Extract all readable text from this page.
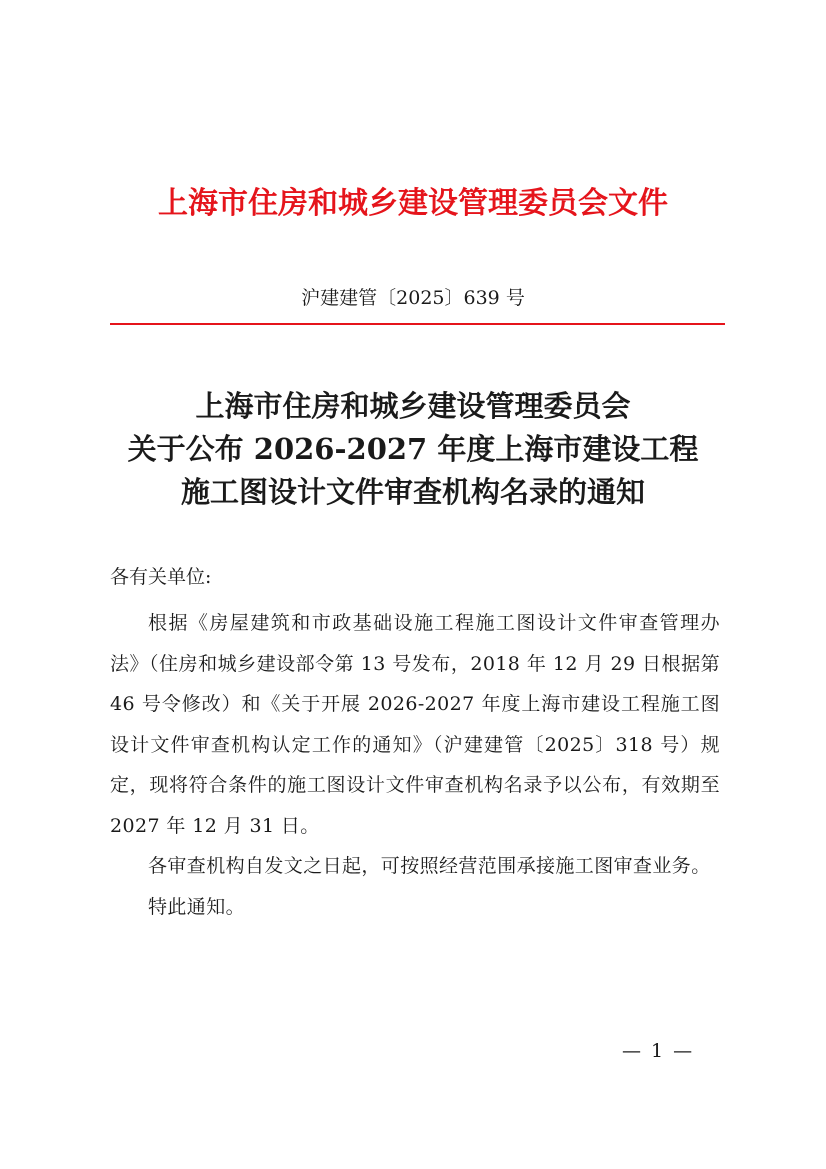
上海市住房和城乡建设管理委员会文件
沪建建管〔2025〕639 号
上海市住房和城乡建设管理委员会
关于公布 2026-2027 年度上海市建设工程
施工图设计文件审查机构名录的通知
各有关单位:

根据《房屋建筑和市政基础设施工程施工图设计文件审查管理办法》（住房和城乡建设部令第 13 号发布，2018 年 12 月 29 日根据第 46 号令修改）和《关于开展 2026-2027 年度上海市建设工程施工图设计文件审查机构认定工作的通知》（沪建建管〔2025〕318 号）规定，现将符合条件的施工图设计文件审查机构名录予以公布，有效期至 2027 年 12 月 31 日。

各审查机构自发文之日起，可按照经营范围承接施工图审查业务。

特此通知。

— 1 —
